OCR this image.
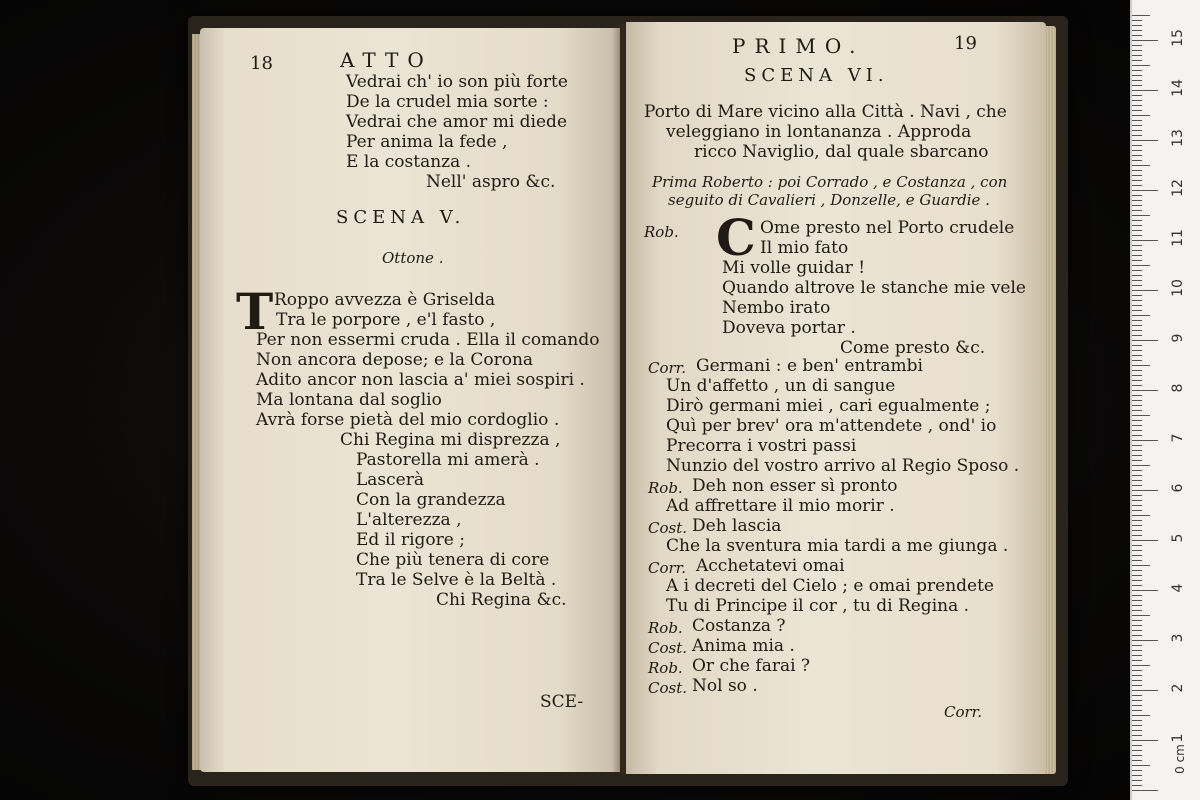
18	ATTO
Vedrai ch' io son più forte
De la crudel mia sorte :
Vedrai che amor mi diede
Per anima la fede ,
E la costanza .
Nell' aspro &c.
SCENA V.
Ottone .
T Roppo avvezza è Griselda
Tra le porpore , e'l fasto ,
Per non essermi cruda . Ella il comando
Non ancora depose; e la Corona
Adito ancor non lascia a' miei sospiri .
Ma lontana dal soglio
Avrà forse pietà del mio cordoglio .
Chi Regina mi disprezza ,
Pastorella mi amerà .
Lascerà
Con la grandezza
L'alterezza ,
Ed il rigore ;
Che più tenera di core
Tra le Selve è la Beltà .
Chi Regina &c.
SCE-
PRIMO.	19
SCENA VI.
Porto di Mare vicino alla Città . Navi , che
veleggiano in lontananza . Approda
ricco Naviglio, dal quale sbarcano
Prima Roberto : poi Corrado , e Costanza , con
seguito di Cavalieri , Donzelle, e Guardie .
Rob. C Ome presto nel Porto crudele
Il mio fato
Mi volle guidar !
Quando altrove le stanche mie vele
Nembo irato
Doveva portar .
Come presto &c.
Corr. Germani : e ben' entrambi
Un d'affetto , un di sangue
Dirò germani miei , cari egualmente ;
Quì per brev' ora m'attendete , ond' io
Precorra i vostri passi
Nunzio del vostro arrivo al Regio Sposo .
Rob. Deh non esser sì pronto
Ad affrettare il mio morir .
Cost. Deh lascia
Che la sventura mia tardi a me giunga .
Corr. Acchetatevi omai
A i decreti del Cielo ; e omai prendete
Tu di Principe il cor , tu di Regina .
Rob. Costanza ?
Cost. Anima mia .
Rob. Or che farai ?
Cost. Nol so .
Corr.
15
14
13
12
11
10
9
8
7
6
5
4
3
2
1
0 cm
